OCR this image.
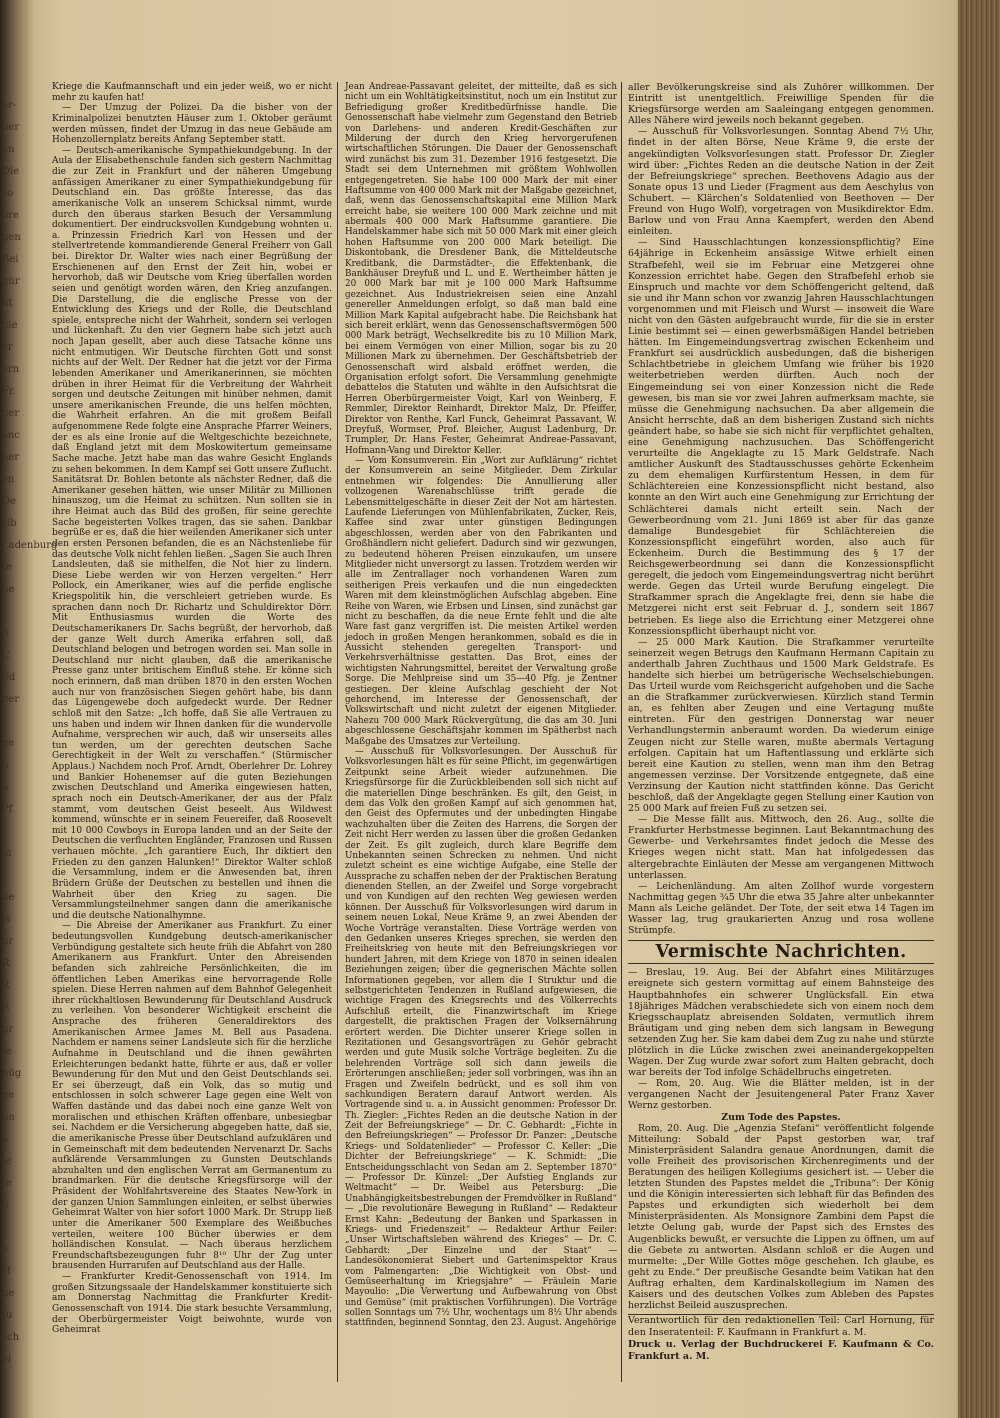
ar-
ber
an
Die
so
bre
gen
Bei
gür
ht
die
er
ern
Fr.
der
anc
her
en
De
sib
Ladenburg
te
he
t
S
C
Sd
der
i
ge
n
n
Pf
r
m
f
de
is
gr
R
R
R
gr
le
nüg
ge
lin
a
le
fe
li
f
e
H
ge
tu
sch
ei

Kriege die Kaufmannschaft und ein jeder weiß, wo er nicht mehr zu kaufen hat!

— Der Umzug der Polizei. Da die bisher von der Kriminalpolizei benutzten Häuser zum 1. Oktober geräumt werden müssen, findet der Umzug in das neue Gebäude am Hohenzollernplatz bereits Anfang September statt.

— Deutsch-amerikanische Sympathiekundgebung. In der Aula der Elisabethenschule fanden sich gestern Nachmittag die zur Zeit in Frankfurt und der näheren Umgebung anfässigen Amerikaner zu einer Sympathiekundgebung für Deutschland ein. Das größte Interesse, das das amerikanische Volk an unserem Schicksal nimmt, wurde durch den überaus starken Besuch der Versammlung dokumentiert. Der eindrucksvollen Kundgebung wohnten u. a. Prinzessin Friedrich Karl von Hessen und der stellvertretende kommandierende General Freiherr von Gall bei. Direktor Dr. Walter wies nach einer Begrüßung der Erschienenen auf den Ernst der Zeit hin, wobei er hervorhob, daß wir Deutsche vom Krieg überfallen worden seien und genötigt worden wären, den Krieg anzufangen. Die Darstellung, die die englische Presse von der Entwicklung des Kriegs und der Rolle, die Deutschland spiele, entspreche nicht der Wahrheit, sondern sei verlogen und lückenhaft. Zu den vier Gegnern habe sich jetzt auch noch Japan gesellt, aber auch diese Tatsache könne uns nicht entmutigen. Wir Deutsche fürchten Gott und sonst nichts auf der Welt. Der Redner hat die jetzt vor der Firma lebenden Amerikaner und Amerikanerinnen, sie möchten drüben in ihrer Heimat für die Verbreitung der Wahrheit sorgen und deutsche Zeitungen mit hinüber nehmen, damit unsere amerikanischen Freunde, die uns helfen möchten, die Wahrheit erfahren. An die mit großem Beifall aufgenommene Rede folgte eine Ansprache Pfarrer Weiners, der es als eine Ironie auf die Weltgeschichte bezeichnete, daß England jetzt mit dem Moskowitertum gemeinsame Sache mache. Jetzt habe man das wahre Gesicht Englands zu sehen bekommen. In dem Kampf sei Gott unsere Zuflucht. Sanitätsrat Dr. Bohlen betonte als nächster Redner, daß die Amerikaner gesehen hätten, wie unser Militär zu Millionen hinauszog, um die Heimat zu schützen. Nun sollten sie in ihre Heimat auch das Bild des großen, für seine gerechte Sache begeisterten Volkes tragen, das sie sahen. Dankbar begrüße er es, daß die hier weilenden Amerikaner sich unter den ersten Personen befanden, die es an Nächstenliebe für das deutsche Volk nicht fehlen ließen. „Sagen Sie auch Ihren Landsleuten, daß sie mithelfen, die Not hier zu lindern. Diese Liebe werden wir von Herzen vergelten.“ Herr Pollock, ein Amerikaner, wies auf die perfide englische Kriegspolitik hin, die verschleiert getrieben wurde. Es sprachen dann noch Dr. Richartz und Schuldirektor Dörr. Mit Enthusiasmus wurden die Worte des Deutschamerikaners Dr. Sachs begrüßt, der hervorhob, daß der ganze Welt durch Amerika erfahren soll, daß Deutschland belogen und betrogen worden sei. Man solle in Deutschland nur nicht glauben, daß die amerikanische Presse ganz unter britischem Einfluß stehe. Er könne sich noch erinnern, daß man drüben 1870 in den ersten Wochen auch nur von französischen Siegen gehört habe, bis dann das Lügengewebe doch aufgedeckt wurde. Der Redner schloß mit den Satze: „Ich hoffe, daß Sie alle Vertrauen zu uns haben und indem wir Ihnen danken für die wundervolle Aufnahme, versprechen wir auch, daß wir unserseits alles tun werden, um der gerechten deutschen Sache Gerechtigkeit in der Welt zu verschaffen.“ (Stürmischer Applaus.) Nachdem noch Prof. Arndt, Oberlehrer Dr. Lohrey und Bankier Hohenemser auf die guten Beziehungen zwischen Deutschland und Amerika eingewiesen hatten, sprach noch ein Deutsch-Amerikaner, der aus der Pfalz stammt, vom deutschen Geist beseelt. Aus Wildwest kommend, wünschte er in seinem Feuereifer, daß Roosevelt mit 10 000 Cowboys in Europa landen und an der Seite der Deutschen die verfluchten Engländer, Franzosen und Russen verhauen möchte. „Ich garantiere Euch, Ihr diktiert den Frieden zu den ganzen Halunken!“ Direktor Walter schloß die Versammlung, indem er die Anwesenden bat, ihren Brüdern Grüße der Deutschen zu bestellen und ihnen die Wahrheit über den Krieg zu sagen. Die Versammlungsteilnehmer sangen dann die amerikanische und die deutsche Nationalhymne.

— Die Abreise der Amerikaner aus Frankfurt. Zu einer bedeutungsvollen Kundgebung deutsch-amerikanischer Verbündigung gestaltete sich heute früh die Abfahrt von 280 Amerikanern aus Frankfurt. Unter den Abreisenden befanden sich zahlreiche Persönlichkeiten, die im öffentlichen Leben Amerikas eine hervorragende Rolle spielen. Diese Herren nahmen auf dem Bahnhof Gelegenheit ihrer rückhaltlosen Bewunderung für Deutschland Ausdruck zu verleihen. Von besonderer Wichtigkeit erscheint die Ansprache des früheren Generaldirektors des Amerikanischen Armee James M. Bell aus Pasadena. Nachdem er namens seiner Landsleute sich für die herzliche Aufnahme in Deutschland und die ihnen gewährten Erleichterungen bedankt hatte, führte er aus, daß er voller Bewunderung für den Mut und den Geist Deutschlands sei. Er sei überzeugt, daß ein Volk, das so mutig und entschlossen in solch schwerer Lage gegen eine Welt von Waffen dastände und das dabei noch eine ganze Welt von moralischen und ethischen Kräften offenbare, unbesiegbar sei. Nachdem er die Versicherung abgegeben hatte, daß sie, die amerikanische Presse über Deutschland aufzuklären und in Gemeinschaft mit dem bedeutenden Nervenarzt Dr. Sachs aufklärende Versammlungen zu Gunsten Deutschlands abzuhalten und den englischen Verrat am Germanentum zu brandmarken. Für die deutsche Kriegsfürsorge will der Präsident der Wohlfahrtsvereine des Staates New-York in der ganzen Union Sammlungen einleiten, er selbst überwies Geheimrat Walter von hier sofort 1000 Mark. Dr. Strupp ließ unter die Amerikaner 500 Exemplare des Weißbuches verteilen, weitere 100 Bücher überwies er dem holländischen Konsulat. — Nach überaus herzlichem Freundschaftsbezeugungen fuhr 8¹⁰ Uhr der Zug unter brausenden Hurrarufen auf Deutschland aus der Halle.

— Frankfurter Kredit-Genossenschaft von 1914. Im großen Sitzungssaale der Handelskammer konstituierte sich am Donnerstag Nachmittag die Frankfurter Kredit-Genossenschaft von 1914. Die stark besuchte Versammlung, der Oberbürgermeister Voigt beiwohnte, wurde von Geheimrat

Jean Andreae-Passavant geleitet, der mitteilte, daß es sich nicht um ein Wohltätigkeitsinstitut, noch um ein Institut zur Befriedigung großer Kreditbedürfnisse handle. Die Genossenschaft habe vielmehr zum Gegenstand den Betrieb von Darlehens- und anderen Kredit-Geschäften zur Milderung der durch den Krieg hervorgerufenen wirtschaftlichen Störungen. Die Dauer der Genossenschaft wird zunächst bis zum 31. Dezember 1916 festgesetzt. Die Stadt sei dem Unternehmen mit größtem Wohlwollen entgegengetreten. Sie habe 100 000 Mark der mit einer Haftsumme von 400 000 Mark mit der Maßgabe gezeichnet, daß, wenn das Genossenschaftskapital eine Million Mark erreicht habe, sie weitere 100 000 Mark zeichne und mit abermals 400 000 Mark Haftsumme garantiere. Die Handelskammer habe sich mit 50 000 Mark mit einer gleich hohen Haftsumme von 200 000 Mark beteiligt. Die Diskontobank, die Dresdener Bank, die Mitteldeutsche Kreditbank, die Darmstädter-, die Effektenbank, die Bankhäuser Dreyfuß und L. und E. Wertheimber hätten je 20 000 Mark bar mit je 100 000 Mark Haftsumme gezeichnet. Aus Industriekreisen seien eine Anzahl genereller Anmeldungen erfolgt, so daß man bald eine Million Mark Kapital aufgebracht habe. Die Reichsbank hat sich bereit erklärt, wenn das Genossenschaftsvermögen 500 000 Mark beträgt, Wechselkredite bis zu 10 Million Mark, bei einem Vermögen von einer Million, sogar bis zu 20 Millionen Mark zu übernehmen. Der Geschäftsbetrieb der Genossenschaft wird alsbald eröffnet werden, die Organisation erfolgt sofort. Die Versammlung genehmigte debattelos die Statuten und wählte in den Aufsichtsrat die Herren Oberbürgermeister Voigt, Karl von Weinberg, F. Remmler, Direktor Reinhardt, Direktor Malz, Dr. Pfeiffer, Direktor von Renthe, Karl Funck, Geheimrat Passavant, W. Dreyfuß, Wormser, Prof. Bleicher, August Ladenburg, Dr. Trumpler, Dr. Hans Fester, Geheimrat Andreae-Passavant, Hofmann-Vang und Direktor Keller.

— Vom Konsumverein. Ein „Wort zur Aufklärung“ richtet der Konsumverein an seine Mitglieder. Dem Zirkular entnehmen wir folgendes: Die Annullierung aller vollzogenen Warenabschlüsse trifft gerade die Lebensmittelgeschäfte in dieser Zeit der Not am härtesten. Laufende Lieferungen von Mühlenfabrikaten, Zucker, Reis, Kaffee sind zwar unter günstigen Bedingungen abgeschlossen, werden aber von den Fabrikanten und Großhändlern nicht geliefert. Dadurch sind wir gezwungen, zu bedeutend höheren Preisen einzukaufen, um unsere Mitglieder nicht unversorgt zu lassen. Trotzdem werden wir alle im Zentrallager noch vorhandenen Waren zum seitherigen Preis verkaufen und die nun eingedeckten Waren mit dem kleinstmöglichen Aufschlag abgeben. Eine Reihe von Waren, wie Erbsen und Linsen, sind zunächst gar nicht zu beschaffen, da die neue Ernte fehlt und die alte Ware fast ganz vergriffen ist. Die meisten Artikel werden jedoch in großen Mengen herankommen, sobald es die in Aussicht stehenden geregelten Transport- und Verkehrsverhältnisse gestatten. Das Brot, eines der wichtigsten Nahrungsmittel, bereitet der Verwaltung große Sorge. Die Mehlpreise sind um 35—40 Pfg. je Zentner gestiegen. Der kleine Aufschlag geschieht der Not gehorchend, im Interesse der Genossenschaft, der Volkswirtschaft und nicht zuletzt der eigenen Mitglieder. Nahezu 700 000 Mark Rückvergütung, die das am 30. Juni abgeschlossene Geschäftsjahr kommen im Spätherbst nach Maßgabe des Umsatzes zur Verteilung.

— Ausschuß für Volksvorlesungen. Der Ausschuß für Volksvorlesungen hält es für seine Pflicht, im gegenwärtigen Zeitpunkt seine Arbeit wieder aufzunehmen. Die Kriegsfürsorge für die Zurückbleibenden soll sich nicht auf die materiellen Dinge beschränken. Es gilt, den Geist, in dem das Volk den großen Kampf auf sich genommen hat, den Geist des Opfermutes und der unbedingten Hingabe wachzuhalten über die Zeiten des Harrens, die Sorgen der Zeit nicht Herr werden zu lassen über die großen Gedanken der Zeit. Es gilt zugleich, durch klare Begriffe dem Unbekannten seinen Schrecken zu nehmen. Und nicht zuletzt scheint es eine wichtige Aufgabe, eine Stelle der Aussprache zu schaffen neben der der Praktischen Beratung dienenden Stellen, an der Zweifel und Sorge vorgebracht und von Kundigen auf den rechten Weg gewiesen werden können. Der Ausschuß für Volksvorlesungen wird darum in seinem neuen Lokal, Neue Kräme 9, an zwei Abenden der Woche Vorträge veranstalten. Diese Vorträge werden von den Gedanken unseres Krieges sprechen, sie werden den Freiheitskrieg von heute mit den Befreiungskriegen vor hundert Jahren, mit dem Kriege von 1870 in seinen idealen Beziehungen zeigen; über die gegnerischen Mächte sollen Informationen gegeben, vor allem die I Struktur und die selbstgerichteten Tendenzen in Rußland aufgewiesen, die wichtige Fragen des Kriegsrechts und des Völkerrechts Aufschluß erteilt, die Finanzwirtschaft im Kriege dargestellt, die praktischen Fragen der Volksernährung erörtert werden. Die Dichter unserer Kriege sollen in Rezitationen und Gesangsvorträgen zu Gehör gebracht werden und gute Musik solche Vorträge begleiten. Zu die belehrenden Vorträge soll sich dann jeweils die Erörterungen anschließen; jeder soll vorbringen, was ihn an Fragen und Zweifeln bedrückt, und es soll ihm von sachkundigen Beratern darauf Antwort werden. Als Vortragende sind u. a. in Aussicht genommen: Professor Dr. Th. Ziegler: „Fichtes Reden an die deutsche Nation in der Zeit der Befreiungskriege“ — Dr. C. Gebhardt: „Fichte in den Befreiungskriegen“ — Professor Dr. Panzer: „Deutsche Kriegs- und Soldatenlieder“ — Professor C. Keller: „Die Dichter der Befreiungskriege“ — K. Schmidt: „Die Entscheidungsschlacht von Sedan am 2. September 1870“ — Professor Dr. Künzel: „Der Aufstieg Englands zur Weltmacht“ — Dr. Weibel aus Petersburg: „Die Unabhängigkeitsbestrebungen der Fremdvölker in Rußland“ — „Die revolutionäre Bewegung in Rußland“ — Redakteur Ernst Kahn: „Bedeutung der Banken und Sparkassen in Kriegs- und Friedenszeit“ — Redakteur Arthur Feiler: „Unser Wirtschaftsleben während des Krieges“ — Dr. C. Gebhardt: „Der Einzelne und der Staat“ — Landesökonomierat Siebert und Gartenimspektor Kraus vom Palmengarten: „Die Wichtigkeit von Obst- und Gemüseerhaltung im Kriegsjahre“ — Fräulein Marie Mayoulio: „Die Verwertung und Aufbewahrung von Obst und Gemüse“ (mit praktischen Vorführungen). Die Vorträge sollen Sonntags um 7½ Uhr, wochentags um 8½ Uhr abends stattfinden, beginnend Sonntag, den 23. August. Angehörige

aller Bevölkerungskreise sind als Zuhörer willkommen. Der Eintritt ist unentgeltlich. Freiwillige Spenden für die Kriegsfürsorge werden am Saaleingang entgegen genommen. Alles Nähere wird jeweils noch bekannt gegeben.

— Ausschuß für Volksvorlesungen. Sonntag Abend 7½ Uhr, findet in der alten Börse, Neue Kräme 9, die erste der angekündigten Volksvorlesungen statt. Professor Dr. Ziegler wird über: „Fichtes Reden an die deutsche Nation in der Zeit der Befreiungskriege“ sprechen. Beethovens Adagio aus der Sonate opus 13 und Lieder (Fragment aus dem Aeschylus von Schubert. — Klärchen’s Soldatenlied von Beethoven — Der Freund von Hugo Wolf), vorgetragen von Musikdirektor Edm. Barlow und von Frau Anna Kaempfert, werden den Abend einleiten.

— Sind Hausschlachtungen konzessionspflichtig? Eine 64jährige in Eckenheim ansässige Witwe erhielt einen Strafbefehl, weil sie im Februar eine Metzgerei ohne Konzession errichtet habe. Gegen den Strafbefehl erhob sie Einspruch und machte vor dem Schöffengericht geltend, daß sie und ihr Mann schon vor zwanzig Jahren Hausschlachtungen vorgenommen und mit Fleisch und Wurst — insoweit die Ware nicht von den Gästen aufgebraucht wurde, für die sie in erster Linie bestimmt sei — einen gewerbsmäßigen Handel betrieben hätten. Im Eingemeindungsvertrag zwischen Eckenheim und Frankfurt sei ausdrücklich ausbedungen, daß die bisherigen Schlachtbetriebe in gleichem Umfang wie früher bis 1920 weiterbetrieben werden dürften. Auch noch der Eingemeindung sei von einer Konzession nicht die Rede gewesen, bis man sie vor zwei Jahren aufmerksam machte, sie müsse die Genehmigung nachsuchen. Da aber allgemein die Ansicht herrschte, daß an dem bisherigen Zustand sich nichts geändert habe, so habe sie sich nicht für verpflichtet gehalten, eine Genehmigung nachzusuchen. Das Schöffengericht verurteilte die Angeklagte zu 15 Mark Geldstrafe. Nach amtlicher Auskunft des Stadtausschusses gehörte Eckenheim zu dem ehemaligen Kurfürstentum Hessen, in dem für Schlächtereien eine Konzessionspflicht nicht bestand, also konnte an den Wirt auch eine Genehmigung zur Errichtung der Schlächterei damals nicht erteilt sein. Nach der Gewerbeordnung vom 21. Juni 1869 ist aber für das ganze damalige Bundesgebiet für Schlächtereien die Konzessionspflicht eingeführt worden, also auch für Eckenheim. Durch die Bestimmung des § 17 der Reichsgewerbeordnung sei dann die Konzessionspflicht geregelt, die jedoch vom Eingemeindungsvertrag nicht berührt werde. Gegen das Urteil wurde Berufung eingelegt. Die Strafkammer sprach die Angeklagte frei, denn sie habe die Metzgerei nicht erst seit Februar d. J., sondern seit 1867 betrieben. Es liege also die Errichtung einer Metzgerei ohne Konzessionspflicht überhaupt nicht vor.

— 25 000 Mark Kaution. Die Strafkammer verurteilte seinerzeit wegen Betrugs den Kaufmann Hermann Capitain zu anderthalb Jahren Zuchthaus und 1500 Mark Geldstrafe. Es handelte sich hierbei um betrügerische Wechselschiebungen. Das Urteil wurde vom Reichsgericht aufgehoben und die Sache an die Strafkammer zurückverwiesen. Kürzlich stand Termin an, es fehlten aber Zeugen und eine Vertagung mußte eintreten. Für den gestrigen Donnerstag war neuer Verhandlungstermin anberaumt worden. Da wiederum einige Zeugen nicht zur Stelle waren, mußte abermals Vertagung erfolgen. Capitain hat um Haftentlassung und erklärte sich bereit eine Kaution zu stellen, wenn man ihm den Betrag angemessen verzinse. Der Vorsitzende entgegnete, daß eine Verzinsung der Kaution nicht stattfinden könne. Das Gericht beschloß, daß der Angeklagte gegen Stellung einer Kaution von 25 000 Mark auf freien Fuß zu setzen sei.

— Die Messe fällt aus. Mittwoch, den 26. Aug., sollte die Frankfurter Herbstmesse beginnen. Laut Bekanntmachung des Gewerbe- und Verkehrsamtes findet jedoch die Messe des Krieges wegen nicht statt. Man hat infolgedessen das altergebrachte Einläuten der Messe am vergangenen Mittwoch unterlassen.

— Leichenländung. Am alten Zollhof wurde vorgestern Nachmittag gegen ¾5 Uhr die etwa 35 Jahre alter unbekannter Mann als Leiche geländet. Der Tote, der seit etwa 14 Tagen im Wasser lag, trug graukarierten Anzug und rosa wollene Strümpfe.

Vermischte Nachrichten.

— Breslau, 19. Aug. Bei der Abfahrt eines Militärzuges ereignete sich gestern vormittag auf einem Bahnsteige des Hauptbahnhofes ein schwerer Unglücksfall. Ein etwa 18jähriges Mädchen verabschiedete sich von einem noch dem Kriegsschauplatz abreisenden Soldaten, vermutlich ihrem Bräutigam und ging neben dem sich langsam in Bewegung setzenden Zug her. Sie kam dabei dem Zug zu nahe und stürzte plötzlich in die Lücke zwischen zwei aneinandergekoppelten Wagen. Der Zug wurde zwar sofort zum Halten gebracht, doch war bereits der Tod infolge Schädelbruchs eingetreten.

— Rom, 20. Aug. Wie die Blätter melden, ist in der vergangenen Nacht der Jesuitengeneral Pater Franz Xaver Wernz gestorben.

Zum Tode des Papstes.

Rom, 20. Aug. Die „Agenzia Stefani“ veröffentlicht folgende Mitteilung: Sobald der Papst gestorben war, traf Ministerpräsident Salandra genaue Anordnungen, damit die volle Freiheit des provisorischen Kirchenregiments und der Beratungen des heiligen Kollegiums gesichert ist. — Ueber die letzten Stunden des Papstes meldet die „Tribuna“: Der König und die Königin interessierten sich lebhaft für das Befinden des Papstes und erkundigten sich wiederholt bei dem Ministerpräsidenten. Als Monsignore Zambini dem Papst die letzte Oelung gab, wurde der Papst sich des Ernstes des Augenblicks bewußt, er versuchte die Lippen zu öffnen, um auf die Gebete zu antworten. Alsdann schloß er die Augen und murmelte: „Der Wille Gottes möge geschehen. Ich glaube, es geht zu Ende.“ Der preußische Gesandte beim Vatikan hat den Auftrag erhalten, dem Kardinalskollegium im Namen des Kaisers und des deutschen Volkes zum Ableben des Papstes herzlichst Beileid auszusprechen.

Verantwortlich für den redaktionellen Teil: Carl Hornung, für den Inseratenteil: F. Kaufmann in Frankfurt a. M.

Druck u. Verlag der Buchdruckerei F. Kaufmann & Co. Frankfurt a. M.
